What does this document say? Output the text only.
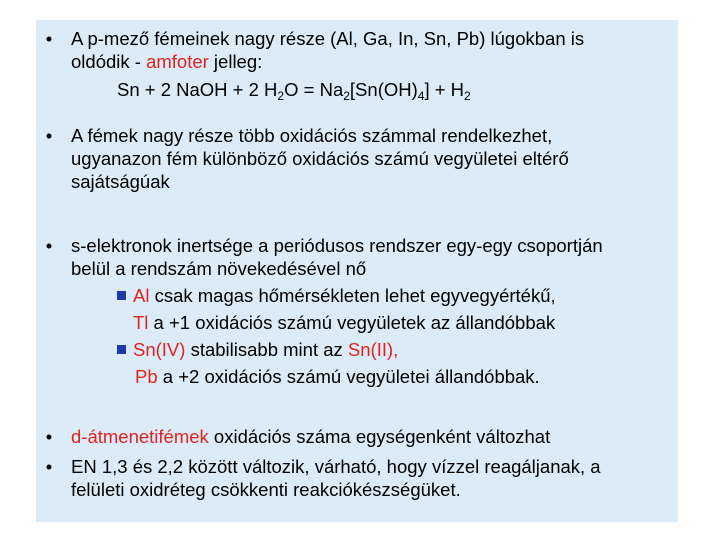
• A p-mező fémeinek nagy része (Al, Ga, In, Sn, Pb) lúgokban is
oldódik - amfoter jelleg:
Sn + 2 NaOH + 2 $H_2O = Na_2[Sn(OH)_4] + H_2$
• A fémek nagy része több oxidációs számmal rendelkezhet,
ugyanazon fém különböző oxidációs számú vegyületei eltérő
sajátságúak
• s-elektronok inertsége a periódusos rendszer egy-egy csoportján
belül a rendszám növekedésével nő
Al csak magas hőmérsékleten lehet egyvegyértékű,
Tl a +1 oxidációs számú vegyületek az állandóbbak
Sn(IV) stabilisabb mint az Sn(II),
Pb a +2 oxidációs számú vegyületei állandóbbak.
• d-átmenetifémek oxidációs száma egységenként változhat
• EN 1,3 és 2,2 között változik, várható, hogy vízzel reagáljanak, a
felületi oxidréteg csökkenti reakciókészségüket.
